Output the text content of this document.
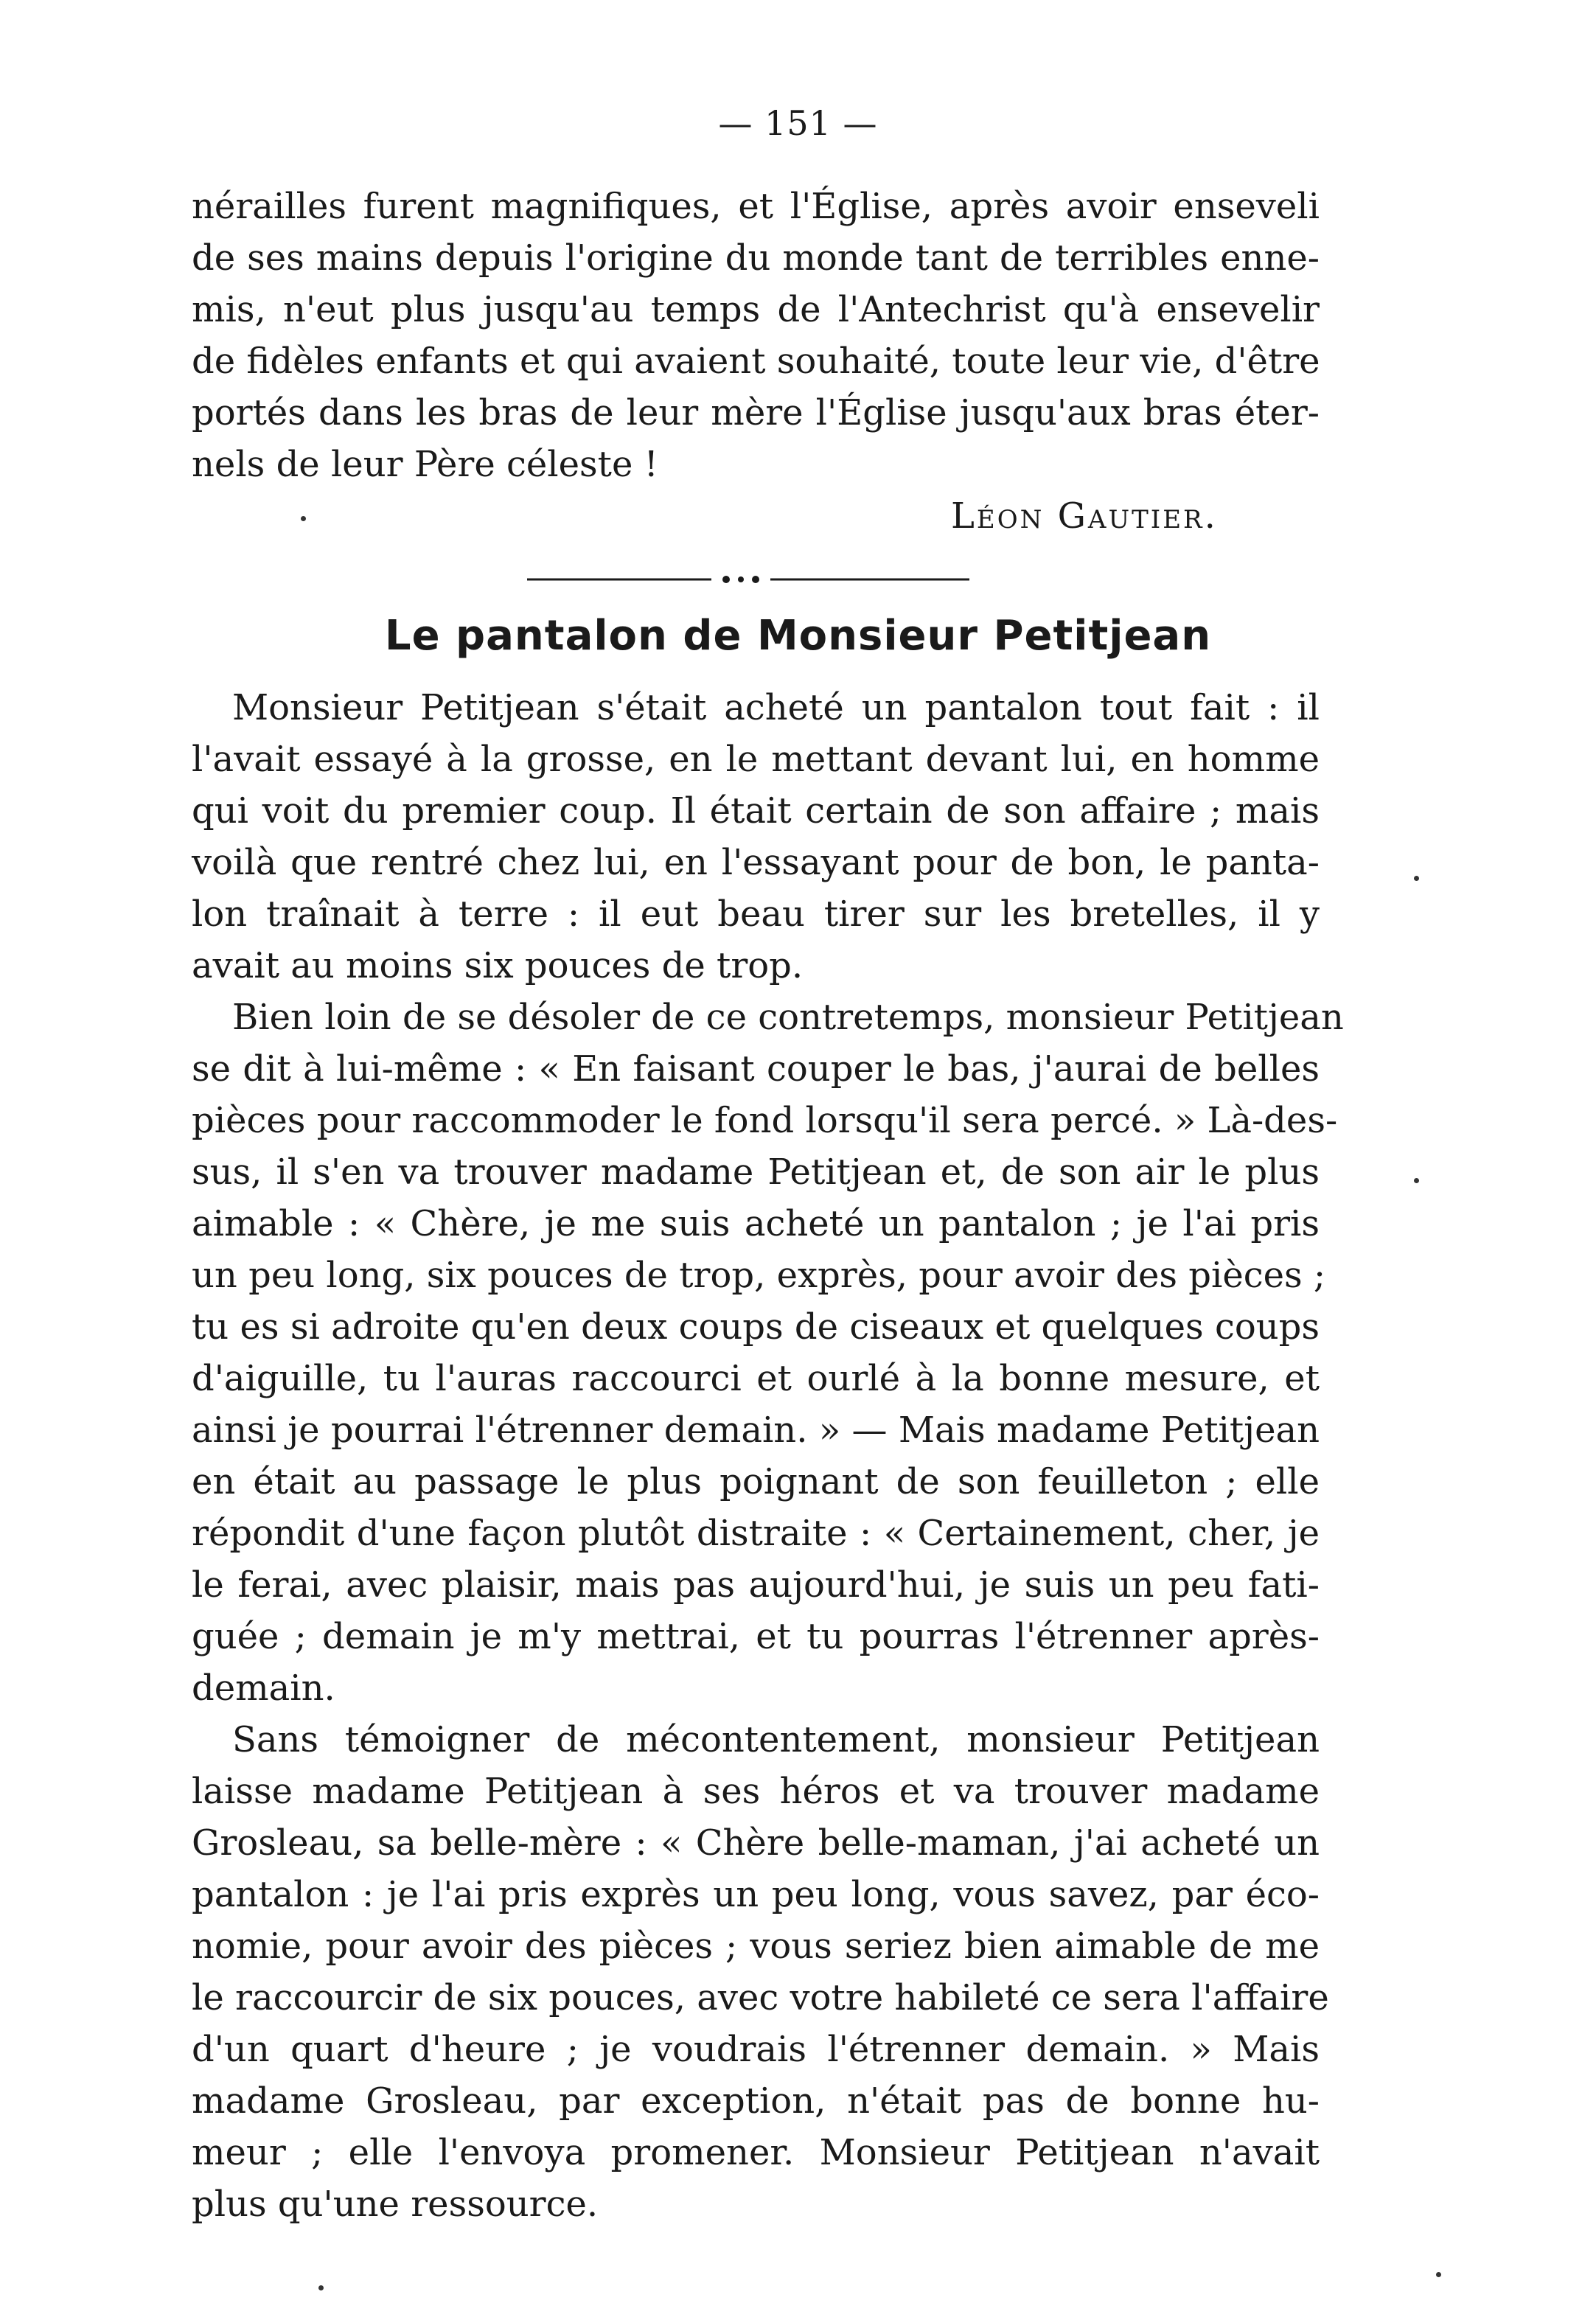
— 151 —
nérailles furent magnifiques, et l'Église, après avoir enseveli
de ses mains depuis l'origine du monde tant de terribles enne-
mis, n'eut plus jusqu'au temps de l'Antechrist qu'à ensevelir
de fidèles enfants et qui avaient souhaité, toute leur vie, d'être
portés dans les bras de leur mère l'Église jusqu'aux bras éter-
nels de leur Père céleste !
Léon Gautier.
Le pantalon de Monsieur Petitjean
Monsieur Petitjean s'était acheté un pantalon tout fait : il
l'avait essayé à la grosse, en le mettant devant lui, en homme
qui voit du premier coup. Il était certain de son affaire ; mais
voilà que rentré chez lui, en l'essayant pour de bon, le panta-
lon traînait à terre : il eut beau tirer sur les bretelles, il y
avait au moins six pouces de trop.
Bien loin de se désoler de ce contretemps, monsieur Petitjean
se dit à lui-même : « En faisant couper le bas, j'aurai de belles
pièces pour raccommoder le fond lorsqu'il sera percé. » Là-des-
sus, il s'en va trouver madame Petitjean et, de son air le plus
aimable : « Chère, je me suis acheté un pantalon ; je l'ai pris
un peu long, six pouces de trop, exprès, pour avoir des pièces ;
tu es si adroite qu'en deux coups de ciseaux et quelques coups
d'aiguille, tu l'auras raccourci et ourlé à la bonne mesure, et
ainsi je pourrai l'étrenner demain. » — Mais madame Petitjean
en était au passage le plus poignant de son feuilleton ; elle
répondit d'une façon plutôt distraite : « Certainement, cher, je
le ferai, avec plaisir, mais pas aujourd'hui, je suis un peu fati-
guée ; demain je m'y mettrai, et tu pourras l'étrenner après-
demain.
Sans témoigner de mécontentement, monsieur Petitjean
laisse madame Petitjean à ses héros et va trouver madame
Grosleau, sa belle-mère : « Chère belle-maman, j'ai acheté un
pantalon : je l'ai pris exprès un peu long, vous savez, par éco-
nomie, pour avoir des pièces ; vous seriez bien aimable de me
le raccourcir de six pouces, avec votre habileté ce sera l'affaire
d'un quart d'heure ; je voudrais l'étrenner demain. » Mais
madame Grosleau, par exception, n'était pas de bonne hu-
meur ; elle l'envoya promener. Monsieur Petitjean n'avait
plus qu'une ressource.
